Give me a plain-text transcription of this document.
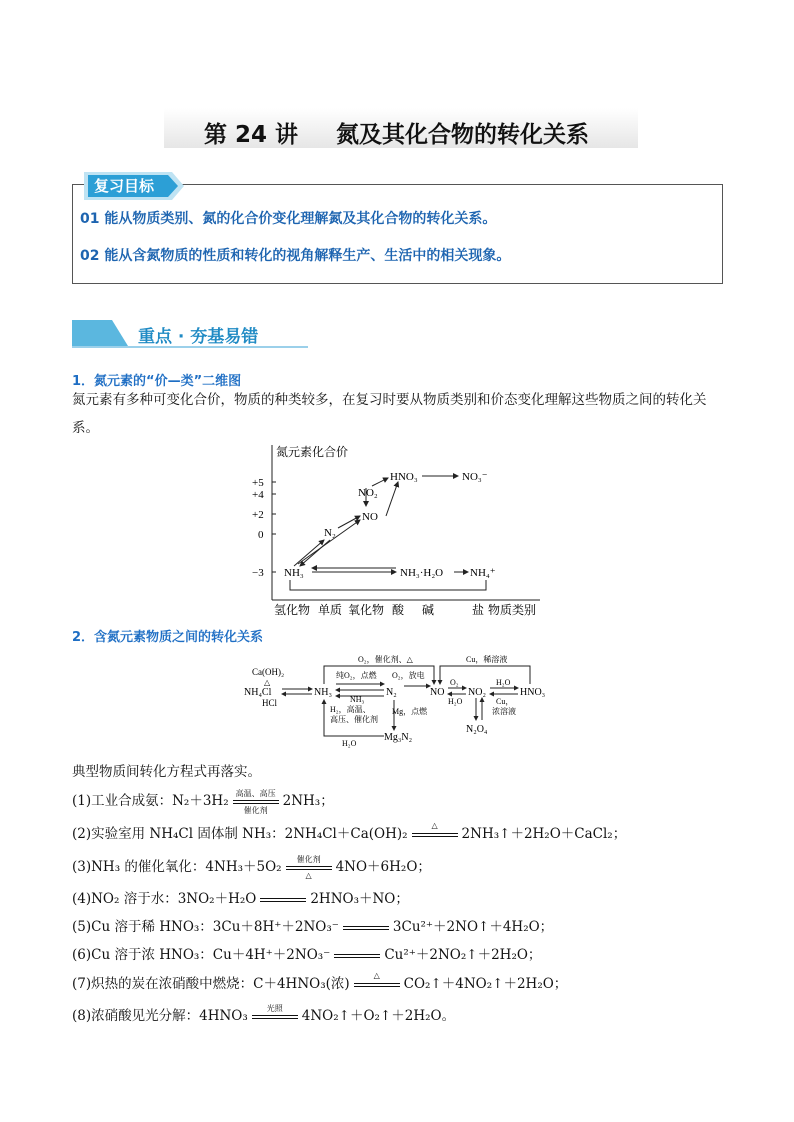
第 24 讲 氮及其化合物的转化关系
复习目标
01 能从物质类别、氮的化合价变化理解氮及其化合物的转化关系。
02 能从含氮物质的性质和转化的视角解释生产、生活中的相关现象。
重点 · 夯基易错
1．氮元素的“价—类”二维图
氮元素有多种可变化合价，物质的种类较多，在复习时要从物质类别和价态变化理解这些物质之间的转化关系。
氮元素化合价
+5
+4
+2
0
−3
HNO₃	NO₃⁻
NO₂
NO
N₂
NH₃	NH₃·H₂O NH₄⁺
氢化物 单质 氧化物 酸 碱	盐 物质类别
2．含氮元素物质之间的转化关系
NH₄Cl
Ca(OH)₂
△
HCl
NH₃
纯O₂，点燃
NH₃
H₂，高温、
高压、催化剂
N₂
O₂，放电
Mg，点燃
NO
O₂
H₂O
NO₂
H₂O
Cu，
浓溶液
HNO₃
N₂O₄
O₂，催化剂、△	Cu，稀溶液
Mg₃N₂
H₂O
典型物质间转化方程式再落实。
(1)工业合成氨：N₂＋3H₂ 高温、高压
催化剂
2NH₃；
(2)实验室用 NH₄Cl 固体制 NH₃：2NH₄Cl＋Ca(OH)₂
△
2NH₃↑＋2H₂O＋CaCl₂；
(3)NH₃ 的催化氧化：4NH₃＋5O₂	催化剂
△	4NO＋6H₂O；
(4)NO₂ 溶于水：3NO₂＋H₂O	2HNO₃＋NO；
(5)Cu 溶于稀 HNO₃：3Cu＋8H⁺＋2NO₃⁻	3Cu²⁺＋2NO↑＋4H₂O；
(6)Cu 溶于浓 HNO₃：Cu＋4H⁺＋2NO₃⁻	Cu²⁺＋2NO₂↑＋2H₂O；
(7)炽热的炭在浓硝酸中燃烧：C＋4HNO₃(浓)
△
CO₂↑＋4NO₂↑＋2H₂O；
(8)浓硝酸见光分解：4HNO₃	光照	4NO₂↑＋O₂↑＋2H₂O。
